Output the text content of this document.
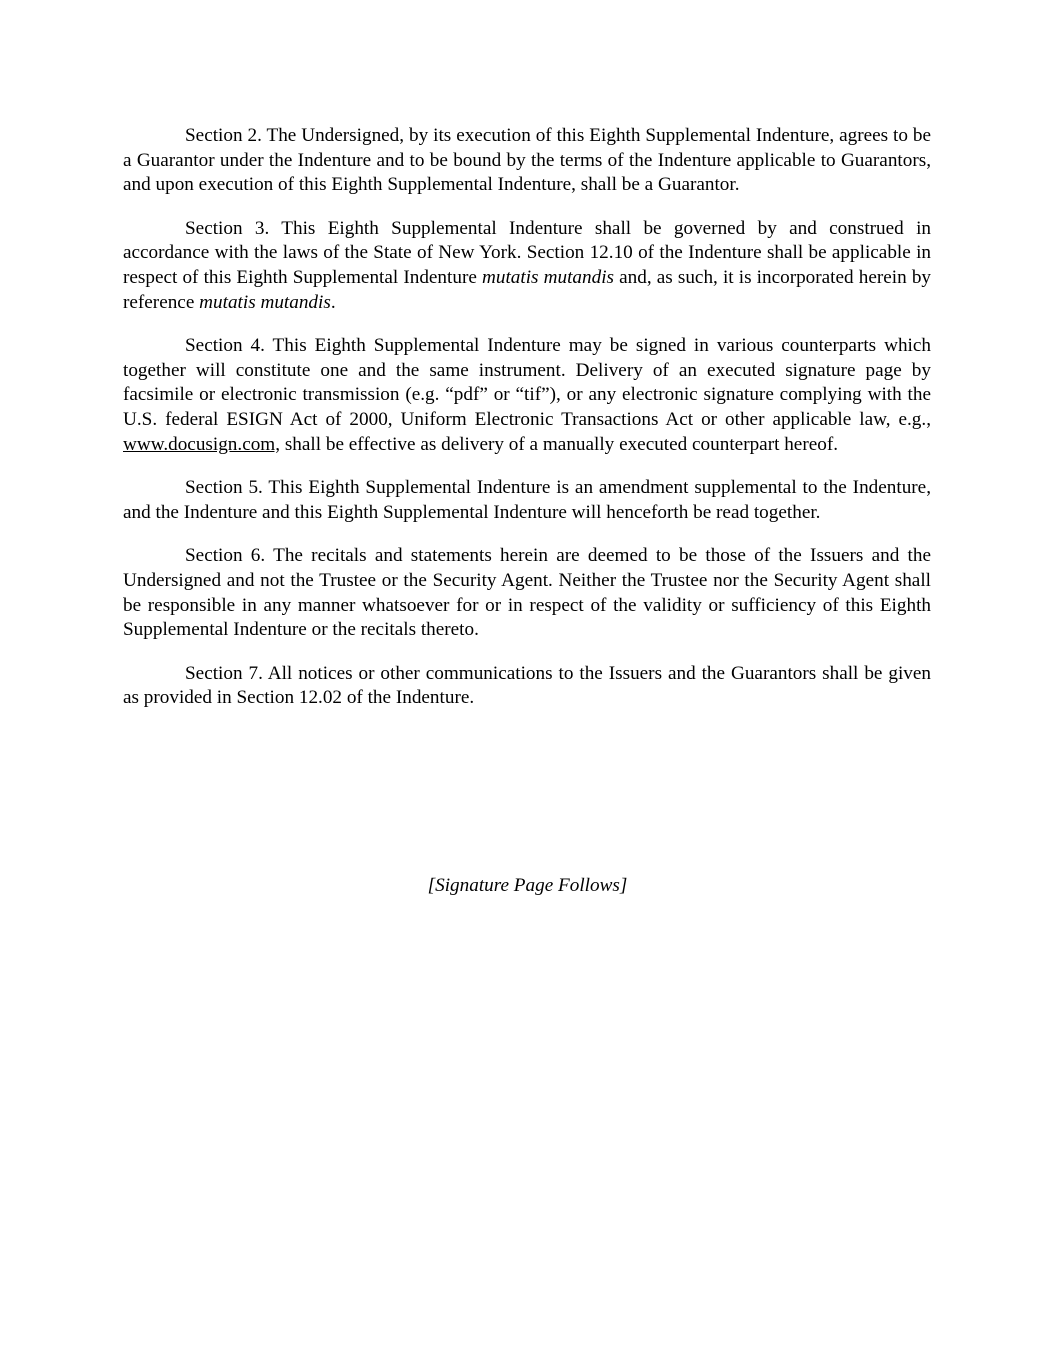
Section 2. The Undersigned, by its execution of this Eighth Supplemental Indenture, agrees to be a Guarantor under the Indenture and to be bound by the terms of the Indenture applicable to Guarantors, and upon execution of this Eighth Supplemental Indenture, shall be a Guarantor.

Section 3. This Eighth Supplemental Indenture shall be governed by and construed in accordance with the laws of the State of New York. Section 12.10 of the Indenture shall be applicable in respect of this Eighth Supplemental Indenture mutatis mutandis and, as such, it is incorporated herein by reference mutatis mutandis.

Section 4. This Eighth Supplemental Indenture may be signed in various counterparts which together will constitute one and the same instrument. Delivery of an executed signature page by facsimile or electronic transmission (e.g. “pdf” or “tif”), or any electronic signature complying with the U.S. federal ESIGN Act of 2000, Uniform Electronic Transactions Act or other applicable law, e.g., www.docusign.com, shall be effective as delivery of a manually executed counterpart hereof.

Section 5. This Eighth Supplemental Indenture is an amendment supplemental to the Indenture, and the Indenture and this Eighth Supplemental Indenture will henceforth be read together.

Section 6. The recitals and statements herein are deemed to be those of the Issuers and the Undersigned and not the Trustee or the Security Agent. Neither the Trustee nor the Security Agent shall be responsible in any manner whatsoever for or in respect of the validity or sufficiency of this Eighth Supplemental Indenture or the recitals thereto.

Section 7. All notices or other communications to the Issuers and the Guarantors shall be given as provided in Section 12.02 of the Indenture.

[Signature Page Follows]
